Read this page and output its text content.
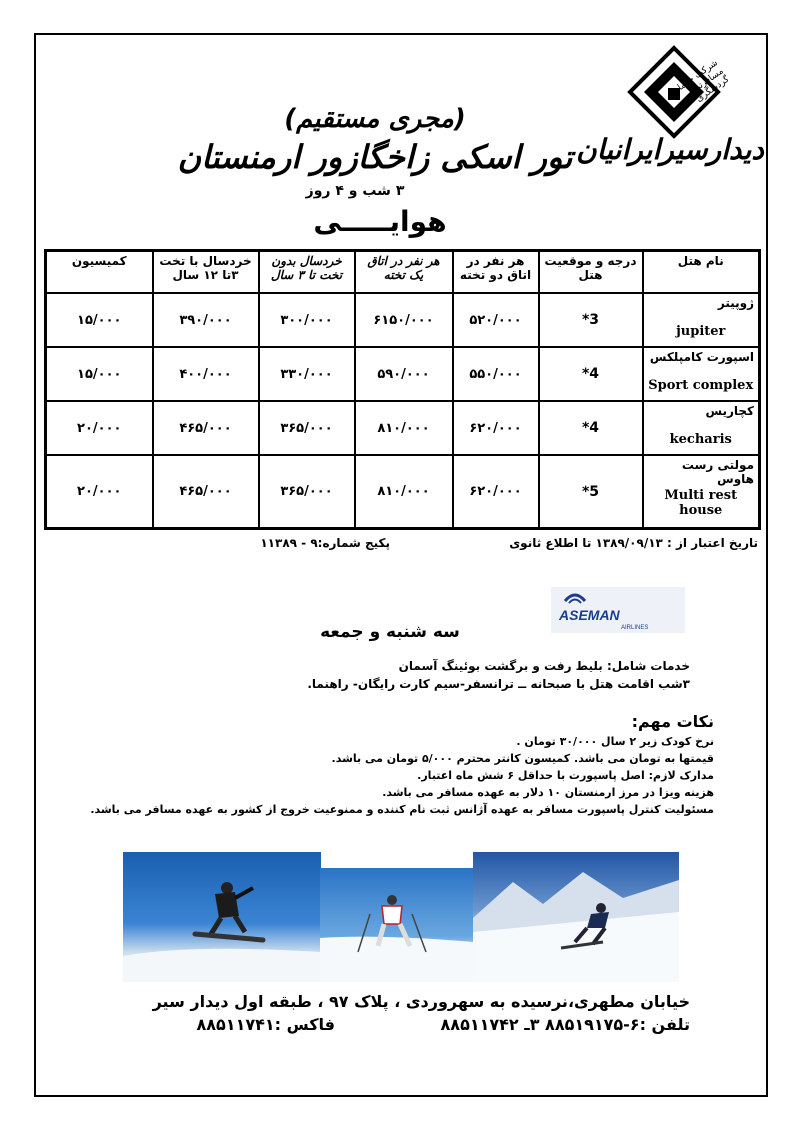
شرکت خدمات مسافرتی و گردشگری
دیدارسیرایرانیان
(مجری مستقیم)
تور اسکی زاخگازور ارمنستان
۳ شب و ۴ روز
هوایـــــی
نام هتل	درجه و موقعیت هتل	هر نفر در اتاق دو تخته	هر نفر در اتاق یک تخته	خردسال بدون تخت تا ۳ سال	خردسال با تخت ۳تا ۱۲ سال	کمیسیون
ژوپیتر
jupiter	3*	۵۲۰/۰۰۰	۶۱۵۰/۰۰۰	۳۰۰/۰۰۰	۳۹۰/۰۰۰	۱۵/۰۰۰
اسپورت کامپلکس
Sport complex	4*	۵۵۰/۰۰۰	۵۹۰/۰۰۰	۳۳۰/۰۰۰	۴۰۰/۰۰۰	۱۵/۰۰۰
کچاریس
kecharis	4*	۶۲۰/۰۰۰	۸۱۰/۰۰۰	۳۶۵/۰۰۰	۴۶۵/۰۰۰	۲۰/۰۰۰
مولتی رست هاوس
Multi rest house	5*	۶۲۰/۰۰۰	۸۱۰/۰۰۰	۳۶۵/۰۰۰	۴۶۵/۰۰۰	۲۰/۰۰۰
تاریخ اعتبار از : ۱۳۸۹/۰۹/۱۳ تا اطلاع ثانوی
پکیج شماره:۹ - ۱۱۳۸۹
ASEMAN
AIRLINES
سه شنبه و جمعه
خدمات شامل: بلیط رفت و برگشت بوئینگ آسمان
۳شب اقامت هتل با صبحانه ــ ترانسفر-سیم کارت رایگان- راهنما.
نکات مهم:
نرخ کودک زیر ۲ سال ۳۰/۰۰۰ تومان .
قیمتها به تومان می باشد. کمیسون کانتر محترم ۵/۰۰۰ تومان می باشد.
مدارک لازم: اصل پاسپورت با حداقل ۶ شش ماه اعتبار.
هزینه ویزا در مرز ارمنستان ۱۰ دلار به عهده مسافر می باشد.
مسئولیت کنترل پاسپورت مسافر به عهده آژانس ثبت نام کننده و ممنوعیت خروج از کشور به عهده مسافر می باشد.
خیابان مطهری،نرسیده به سهروردی ، پلاک ۹۷ ، طبقه اول دیدار سیر
تلفن :۶-۸۸۵۱۹۱۷۵ ۳ـ ۸۸۵۱۱۷۴۲
فاکس :۸۸۵۱۱۷۴۱
